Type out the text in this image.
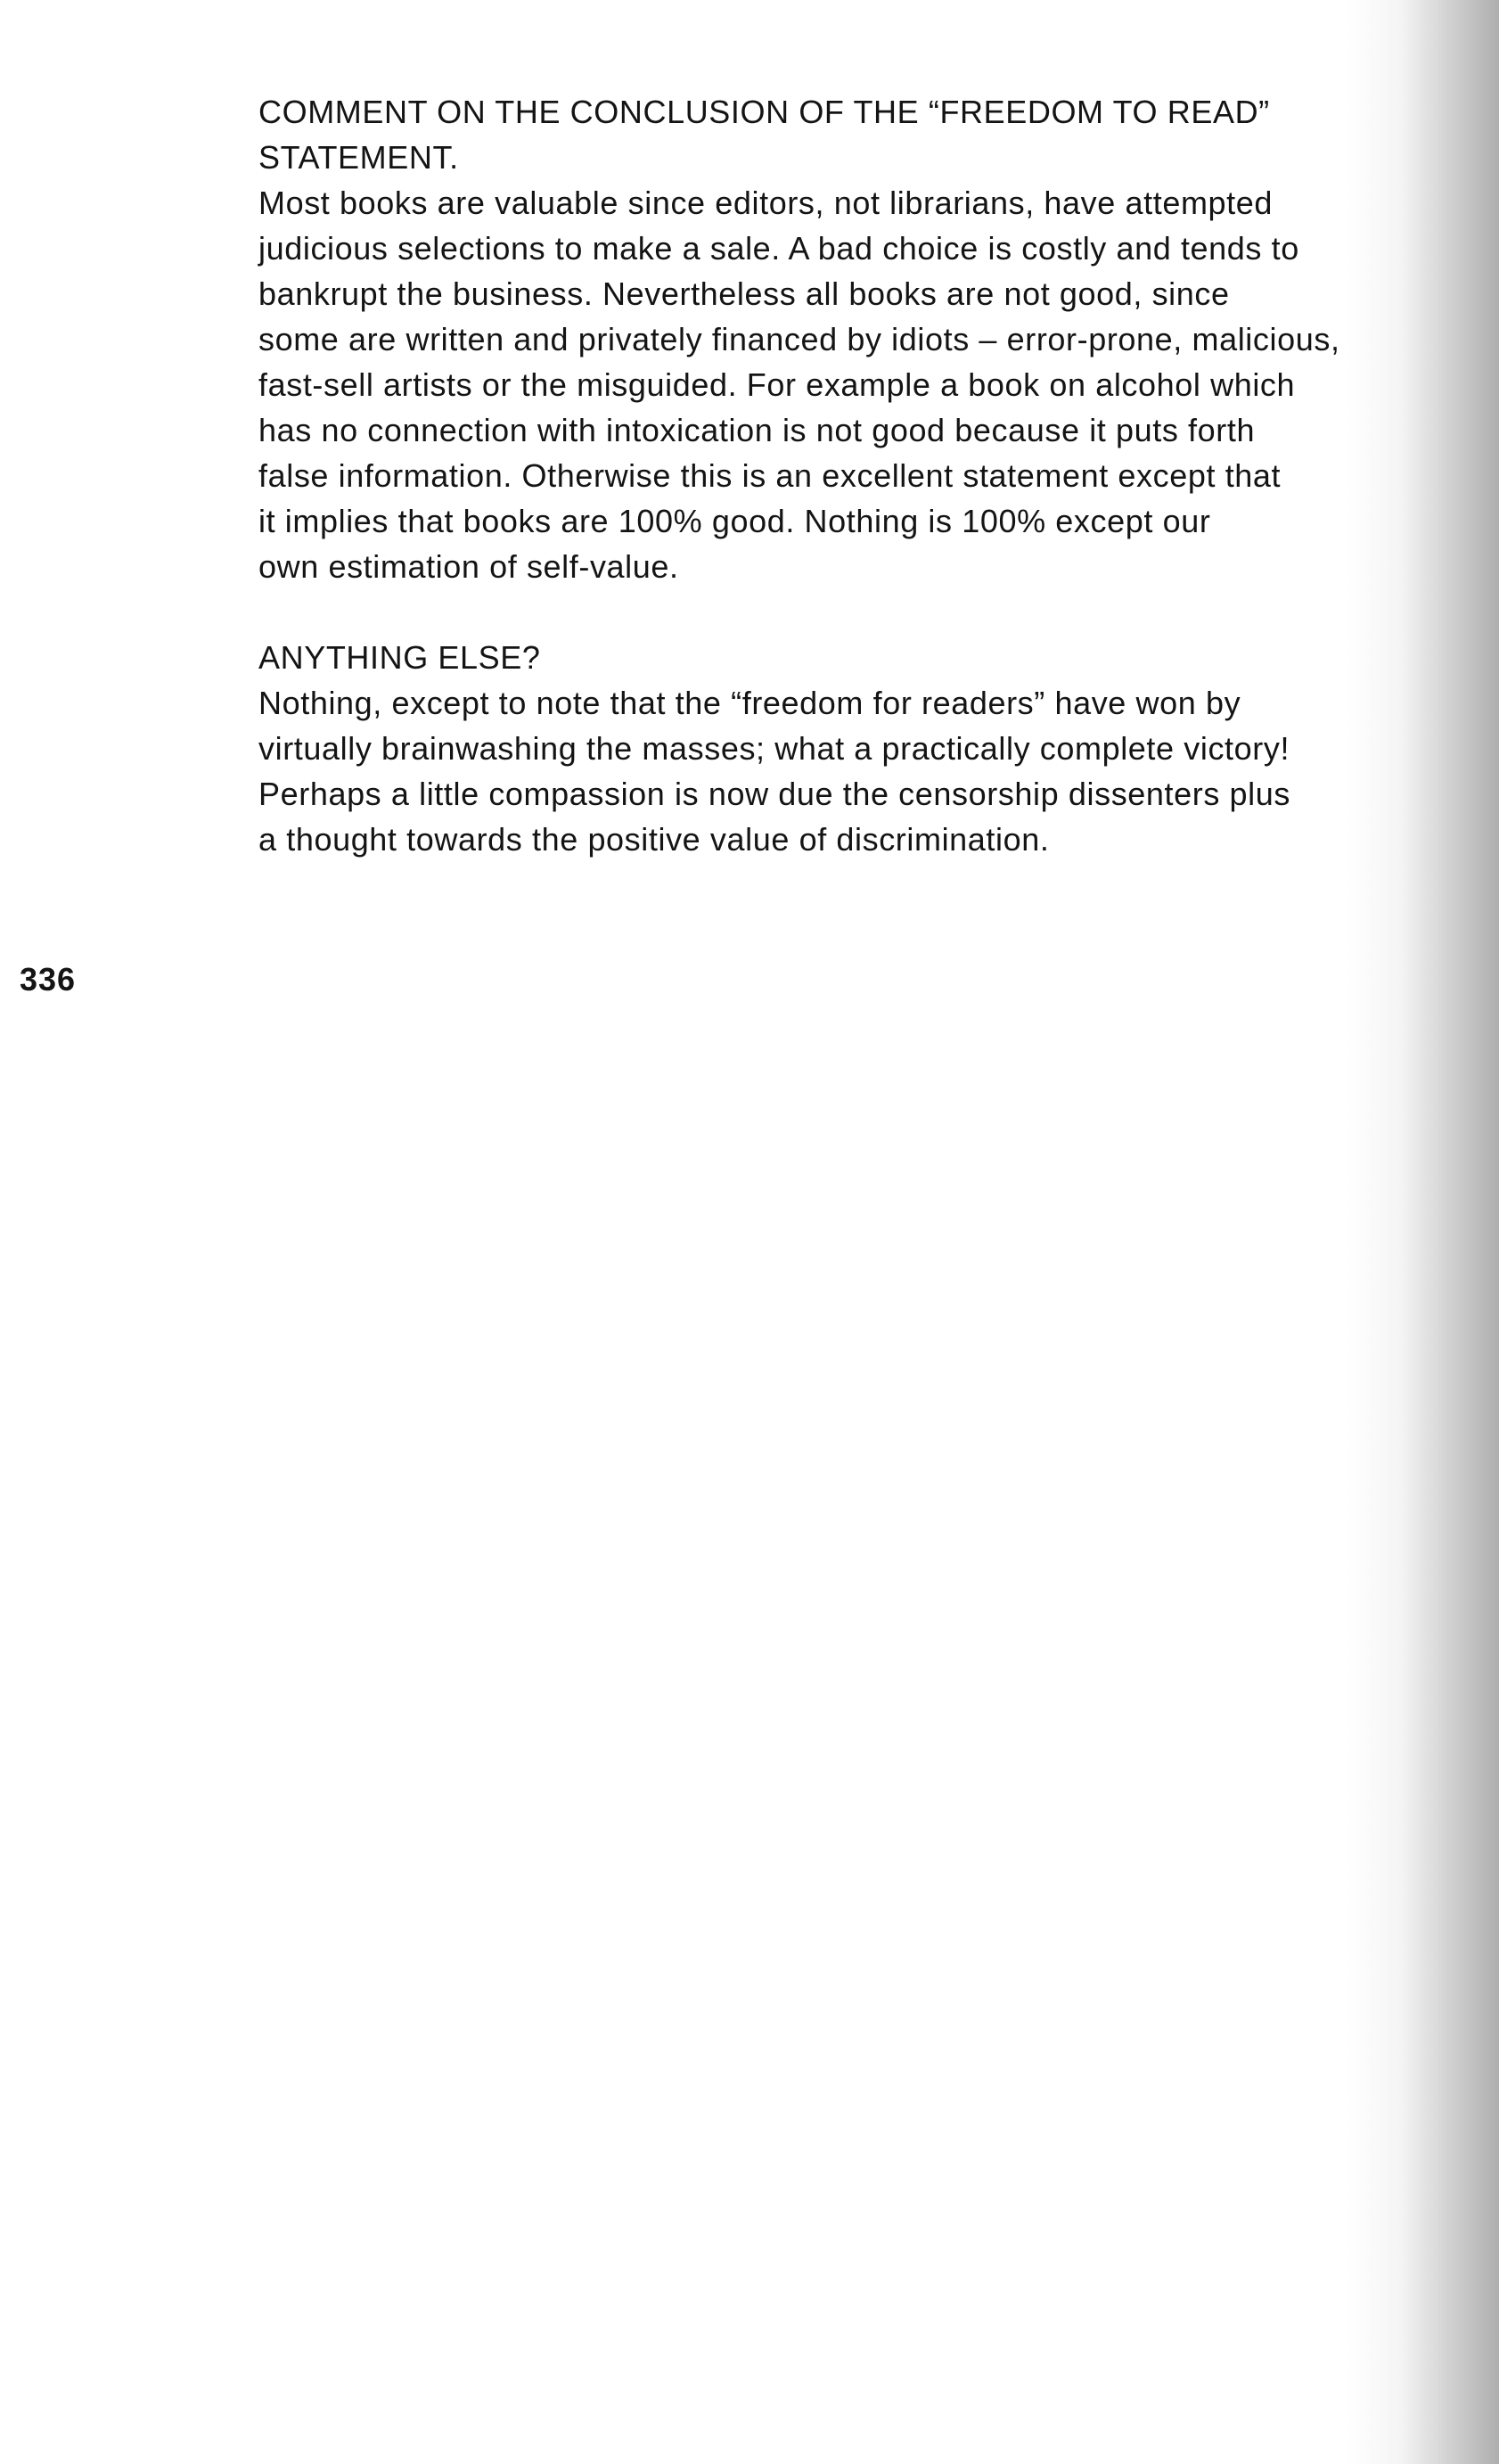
COMMENT ON THE CONCLUSION OF THE “FREEDOM TO READ”
STATEMENT.
Most books are valuable since editors, not librarians, have attempted
judicious selections to make a sale. A bad choice is costly and tends to
bankrupt the business. Nevertheless all books are not good, since
some are written and privately financed by idiots – error-prone, malicious,
fast-sell artists or the misguided. For example a book on alcohol which
has no connection with intoxication is not good because it puts forth
false information. Otherwise this is an excellent statement except that
it implies that books are 100% good. Nothing is 100% except our
own estimation of self-value.
ANYTHING ELSE?
Nothing, except to note that the “freedom for readers” have won by
virtually brainwashing the masses; what a practically complete victory!
Perhaps a little compassion is now due the censorship dissenters plus
a thought towards the positive value of discrimination.
336
